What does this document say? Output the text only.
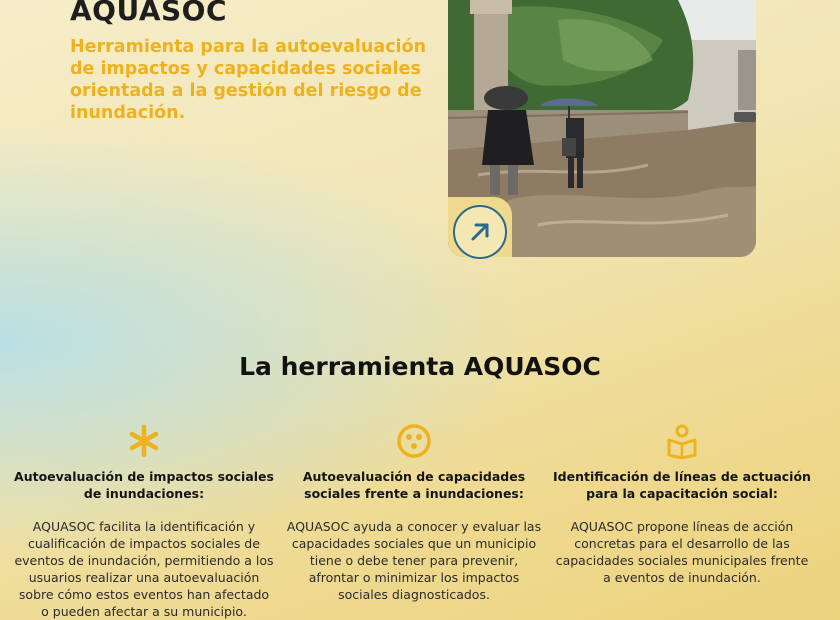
AQUASOC

Herramienta para la autoevaluación de impactos y capacidades sociales orientada a la gestión del riesgo de inundación.

La herramienta AQUASOC
Autoevaluación de impactos sociales de inundaciones:

AQUASOC facilita la identificación y cualificación de impactos sociales de eventos de inundación, permitiendo a los usuarios realizar una autoevaluación sobre cómo estos eventos han afectado o pueden afectar a su municipio.

Autoevaluación de capacidades sociales frente a inundaciones:

AQUASOC ayuda a conocer y evaluar las capacidades sociales que un municipio tiene o debe tener para prevenir, afrontar o minimizar los impactos sociales diagnosticados.

Identificación de líneas de actuación para la capacitación social:

AQUASOC propone líneas de acción concretas para el desarrollo de las capacidades sociales municipales frente a eventos de inundación.
